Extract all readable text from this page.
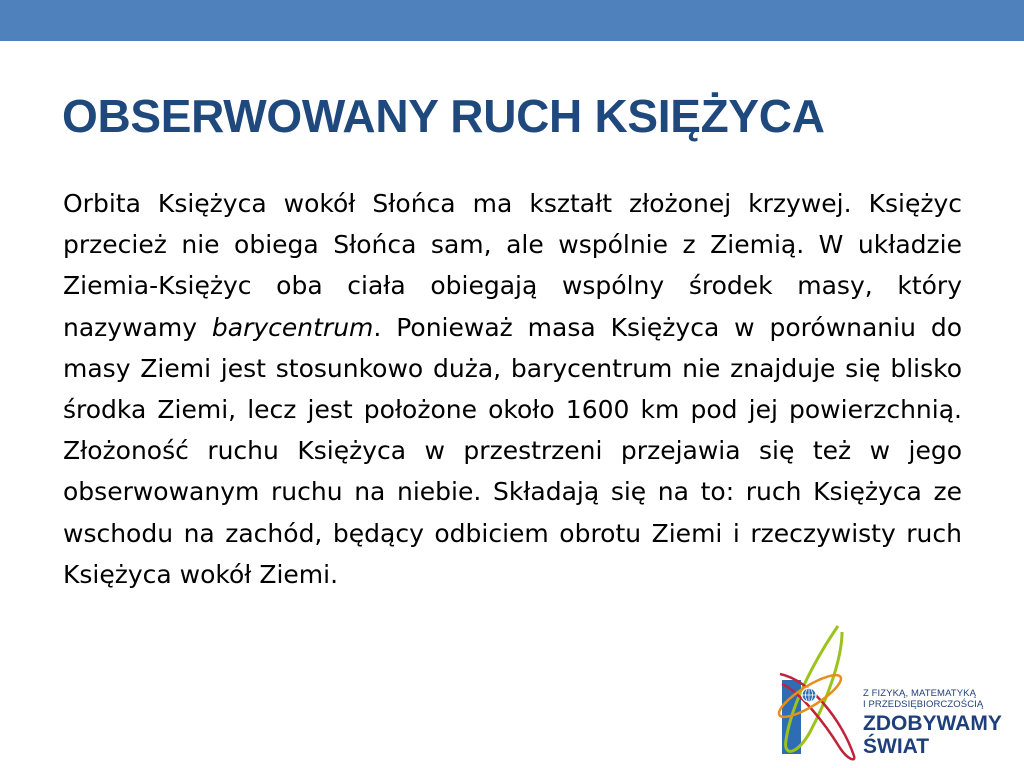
OBSERWOWANY RUCH KSIĘŻYCA

Orbita Księżyca wokół Słońca ma kształt złożonej krzywej. Księżyc przecież nie obiega Słońca sam, ale wspólnie z Ziemią. W układzie Ziemia-Księżyc oba ciała obiegają wspólny środek masy, który nazywamy barycentrum. Ponieważ masa Księżyca w porównaniu do masy Ziemi jest stosunkowo duża, barycentrum nie znajduje się blisko środka Ziemi, lecz jest położone około 1600 km pod jej powierzchnią. Złożoność ruchu Księżyca w przestrzeni przejawia się też w jego obserwowanym ruchu na niebie. Składają się na to: ruch Księżyca ze wschodu na zachód, będący odbiciem obrotu Ziemi i rzeczywisty ruch Księżyca wokół Ziemi.

Z FIZYKĄ, MATEMATYKĄ
I PRZEDSIĘBIORCZOŚCIĄ
ZDOBYWAMY
ŚWIAT
